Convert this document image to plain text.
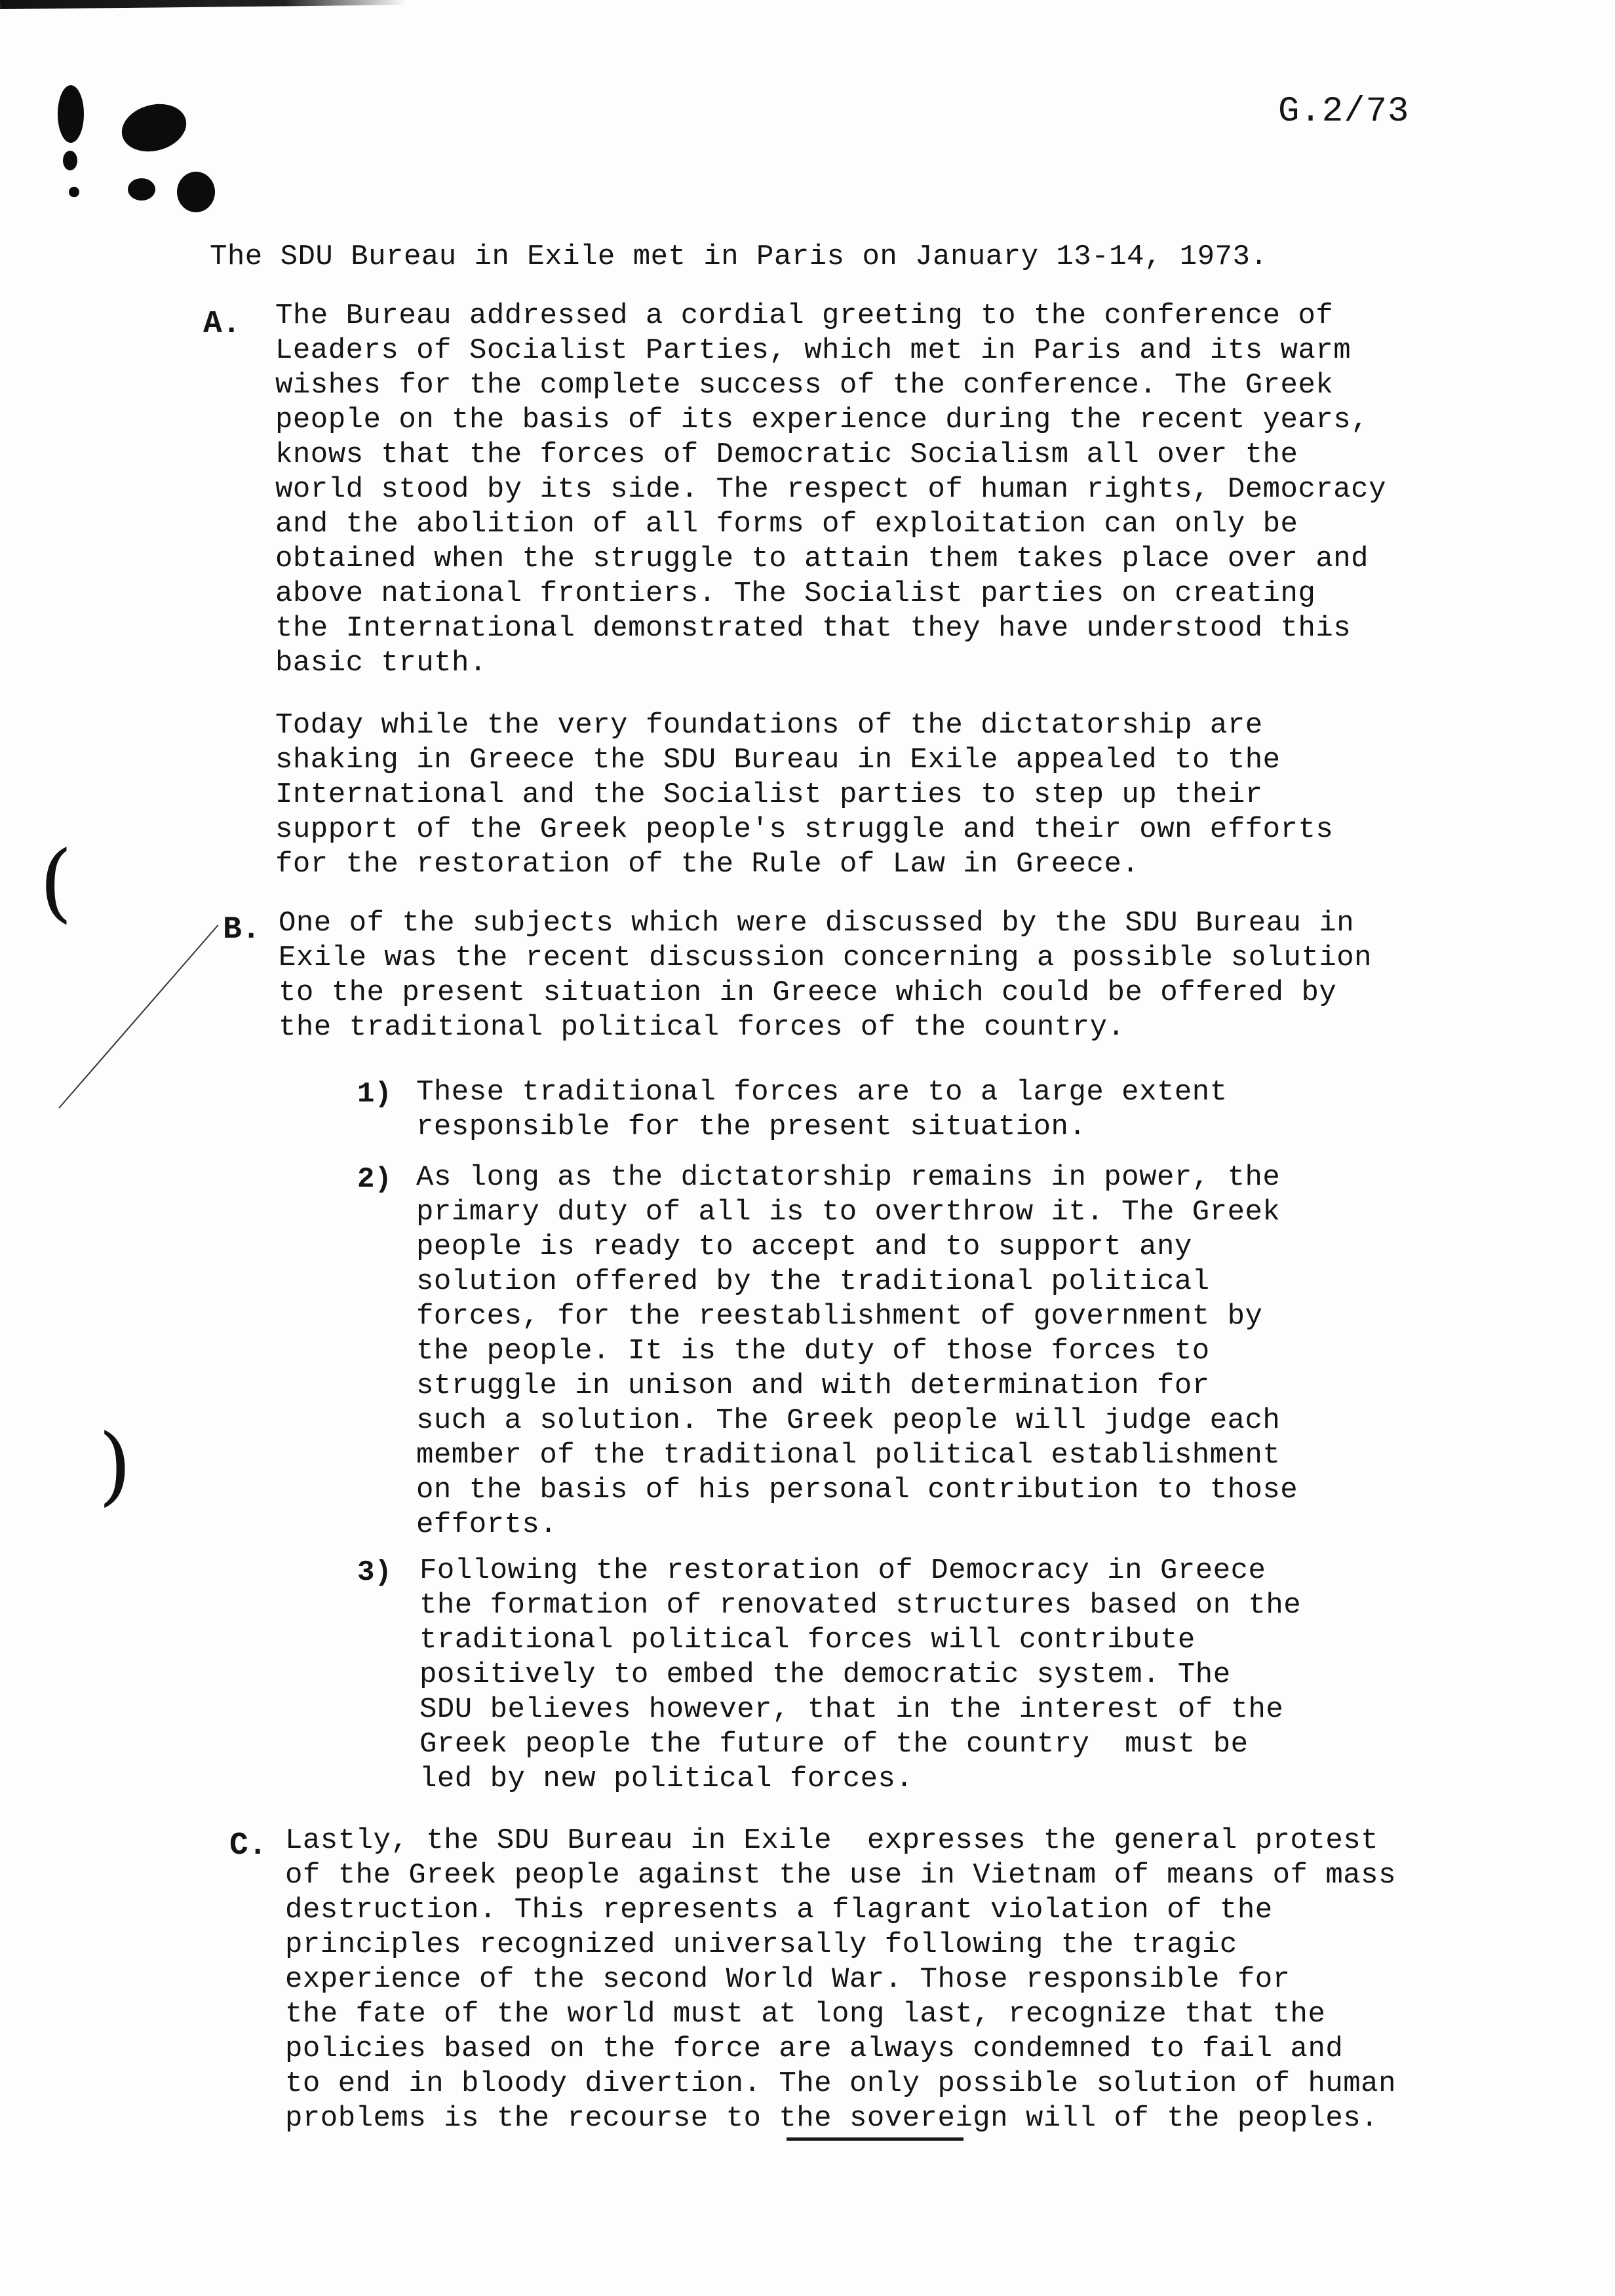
(
)
G.2/73
The SDU Bureau in Exile met in Paris on January 13-14, 1973.
A. The Bureau addressed a cordial greeting to the conference of
Leaders of Socialist Parties, which met in Paris and its warm
wishes for the complete success of the conference. The Greek
people on the basis of its experience during the recent years,
knows that the forces of Democratic Socialism all over the
world stood by its side. The respect of human rights, Democracy
and the abolition of all forms of exploitation can only be
obtained when the struggle to attain them takes place over and
above national frontiers. The Socialist parties on creating
the International demonstrated that they have understood this
basic truth.
Today while the very foundations of the dictatorship are
shaking in Greece the SDU Bureau in Exile appealed to the
International and the Socialist parties to step up their
support of the Greek people's struggle and their own efforts
for the restoration of the Rule of Law in Greece.
B. One of the subjects which were discussed by the SDU Bureau in
Exile was the recent discussion concerning a possible solution
to the present situation in Greece which could be offered by
the traditional political forces of the country.
1) These traditional forces are to a large extent
responsible for the present situation.
2) As long as the dictatorship remains in power, the
primary duty of all is to overthrow it. The Greek
people is ready to accept and to support any
solution offered by the traditional political
forces, for the reestablishment of government by
the people. It is the duty of those forces to
struggle in unison and with determination for
such a solution. The Greek people will judge each
member of the traditional political establishment
on the basis of his personal contribution to those
efforts.
3) Following the restoration of Democracy in Greece
the formation of renovated structures based on the
traditional political forces will contribute
positively to embed the democratic system. The
SDU believes however, that in the interest of the
Greek people the future of the country  must be
led by new political forces.
C. Lastly, the SDU Bureau in Exile  expresses the general protest
of the Greek people against the use in Vietnam of means of mass
destruction. This represents a flagrant violation of the
principles recognized universally following the tragic
experience of the second World War. Those responsible for
the fate of the world must at long last, recognize that the
policies based on the force are always condemned to fail and
to end in bloody divertion. The only possible solution of human
problems is the recourse to the sovereign will of the peoples.
